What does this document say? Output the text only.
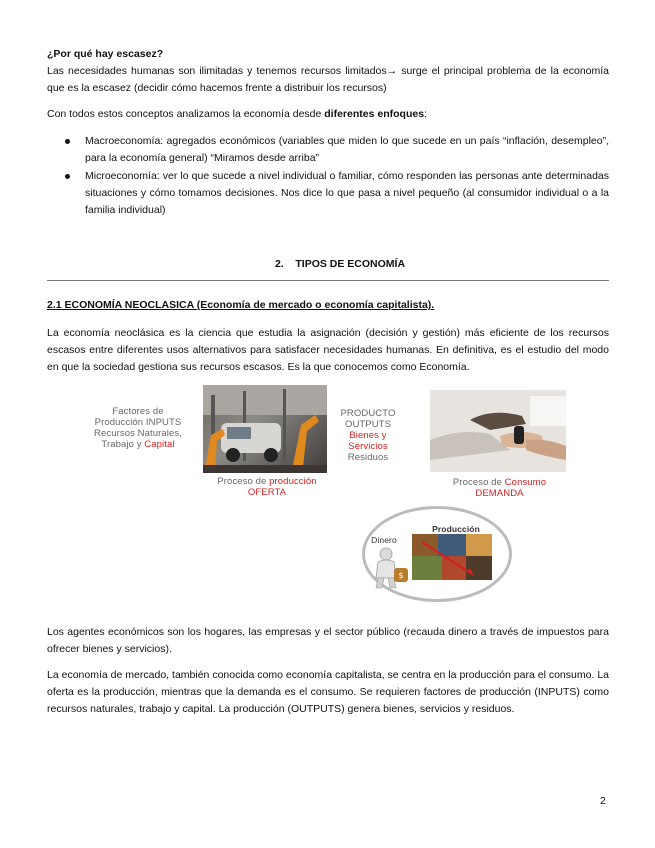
¿Por qué hay escasez?

Las necesidades humanas son ilimitadas y tenemos recursos limitados→ surge el principal problema de la economía que es la escasez (decidir cómo hacemos frente a distribuir los recursos)

Con todos estos conceptos analizamos la economía desde diferentes enfoques:

Macroeconomía: agregados económicos (variables que miden lo que sucede en un país “inflación, desempleo”, para la economía general) “Miramos desde arriba”
Microeconomía: ver lo que sucede a nivel individual o familiar, cómo responden las personas ante determinadas situaciones y cómo tomamos decisiones. Nos dice lo que pasa a nivel pequeño (al consumidor individual o a la familia individual)
2.    TIPOS DE ECONOMÍA
2.1 ECONOMÍA NEOCLASICA (Economía de mercado o economía capitalista).

La economía neoclásica es la ciencia que estudia la asignación (decisión y gestión) más eficiente de los recursos escasos entre diferentes usos alternativos para satisfacer necesidades humanas. En definitiva, es el estudio del modo en que la sociedad gestiona sus recursos escasos. Es la que conocemos como Economía.

Factores de
Producción INPUTS
Recursos Naturales,
Trabajo y Capital
PRODUCTO
OUTPUTS
Bienes y
Servicios
Residuos
Proceso de producción
OFERTA
Proceso de Consumo
DEMANDA
Dinero
Producción
$

Los agentes económicos son los hogares, las empresas y el sector público (recauda dinero a través de impuestos para ofrecer bienes y servicios).

La economía de mercado, también conocida como economía capitalista, se centra en la producción para el consumo. La oferta es la producción, mientras que la demanda es el consumo. Se requieren factores de producción (INPUTS) como recursos naturales, trabajo y capital. La producción (OUTPUTS) genera bienes, servicios y residuos.

2
